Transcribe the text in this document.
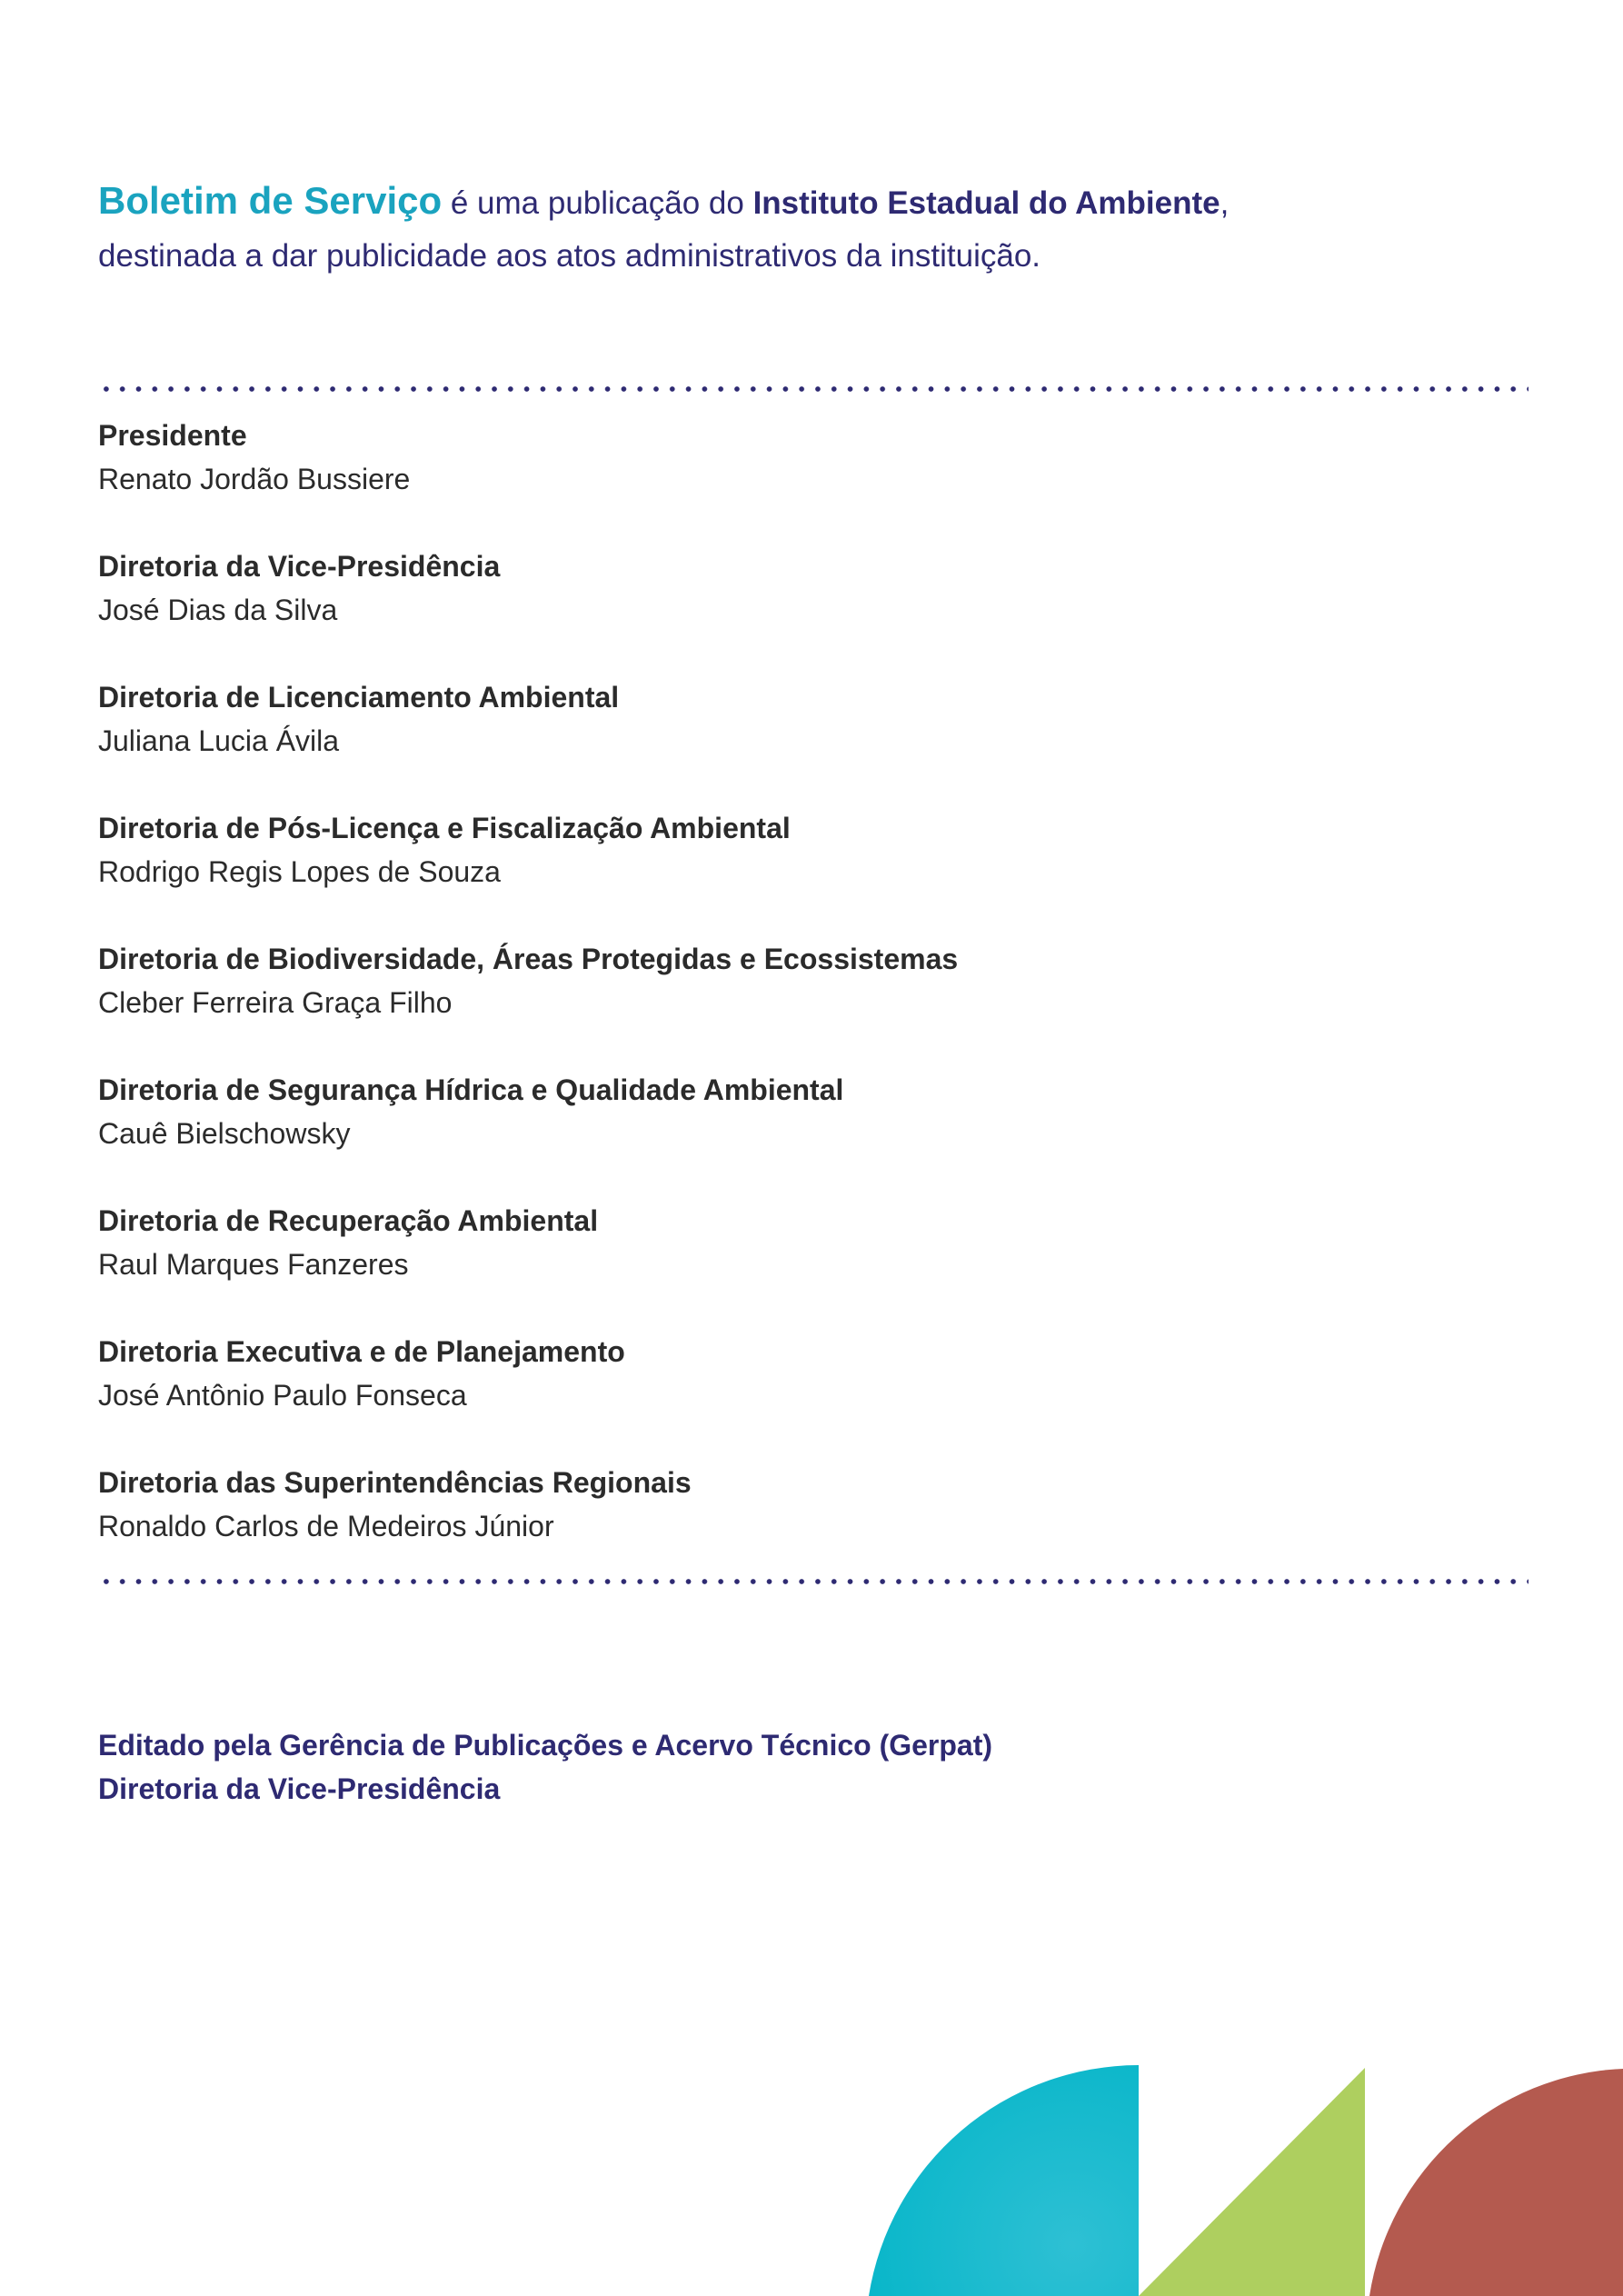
Boletim de Serviço é uma publicação do Instituto Estadual do Ambiente,
destinada a dar publicidade aos atos administrativos da instituição.
Presidente
Renato Jordão Bussiere
Diretoria da Vice-Presidência
José Dias da Silva
Diretoria de Licenciamento Ambiental
Juliana Lucia Ávila
Diretoria de Pós-Licença e Fiscalização Ambiental
Rodrigo Regis Lopes de Souza
Diretoria de Biodiversidade, Áreas Protegidas e Ecossistemas
Cleber Ferreira Graça Filho
Diretoria de Segurança Hídrica e Qualidade Ambiental
Cauê Bielschowsky
Diretoria de Recuperação Ambiental
Raul Marques Fanzeres
Diretoria Executiva e de Planejamento
José Antônio Paulo Fonseca
Diretoria das Superintendências Regionais
Ronaldo Carlos de Medeiros Júnior
Editado pela Gerência de Publicações e Acervo Técnico (Gerpat)
Diretoria da Vice-Presidência
